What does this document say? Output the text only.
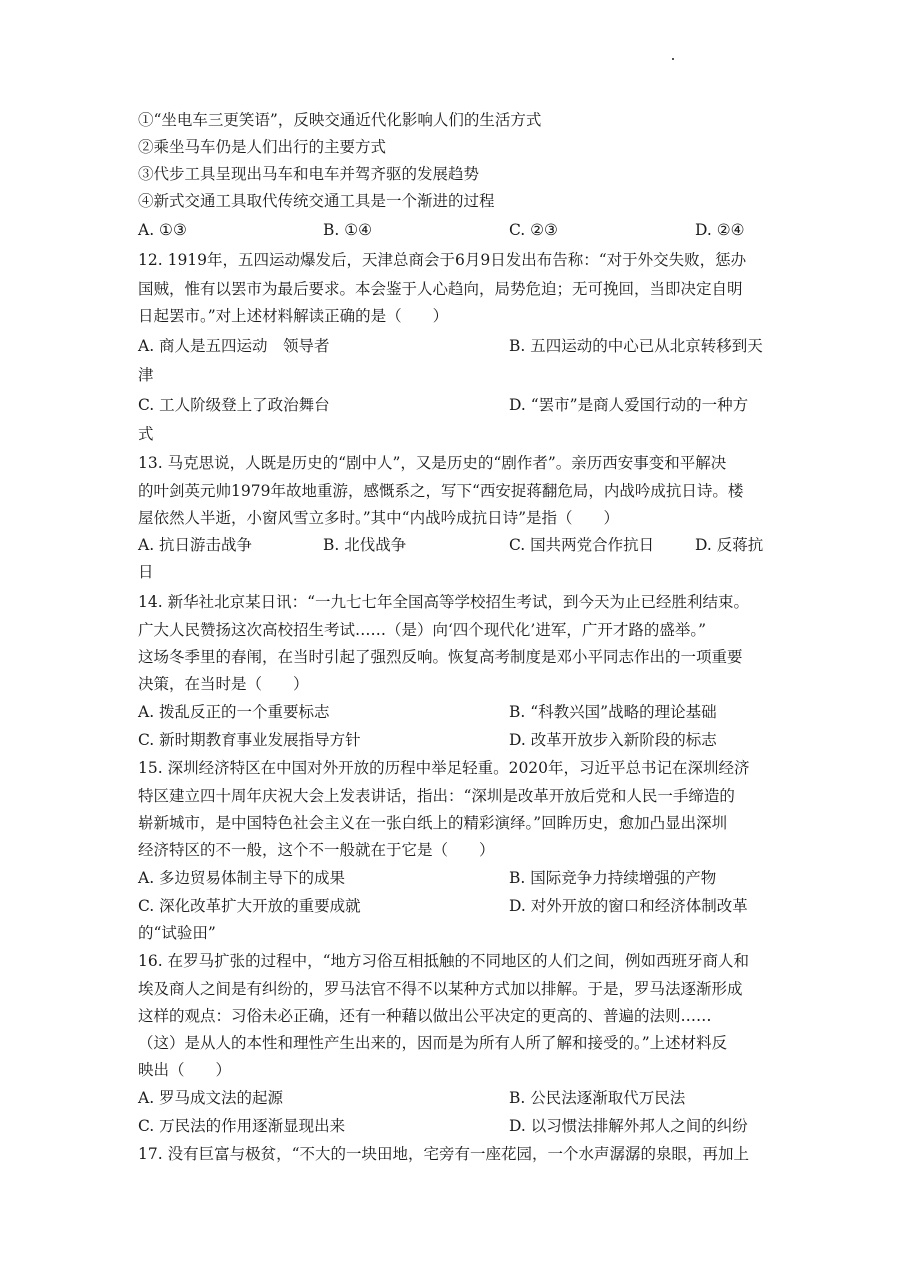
①“坐电车三更笑语”，反映交通近代化影响人们的生活方式
②乘坐马车仍是人们出行的主要方式
③代步工具呈现出马车和电车并驾齐驱的发展趋势
④新式交通工具取代传统交通工具是一个渐进的过程
A. ①③	B. ①④	C. ②③	D. ②④
12. 1919年，五四运动爆发后，天津总商会于6月9日发出布告称：“对于外交失败，惩办
国贼，惟有以罢市为最后要求。本会鉴于人心趋向，局势危迫；无可挽回，当即决定自明
日起罢市。”对上述材料解读正确的是（　　）
A. 商人是五四运动　领导者	B. 五四运动的中心已从北京转移到天
津
C. 工人阶级登上了政治舞台	D. “罢市”是商人爱国行动的一种方
式
13. 马克思说，人既是历史的“剧中人”，又是历史的“剧作者”。亲历西安事变和平解决
的叶剑英元帅1979年故地重游，感慨系之，写下“西安捉蒋翻危局，内战吟成抗日诗。楼
屋依然人半逝，小窗风雪立多时。”其中“内战吟成抗日诗”是指（　　）
A. 抗日游击战争	B. 北伐战争	C. 国共两党合作抗日	D. 反蒋抗
日
14. 新华社北京某日讯：“一九七七年全国高等学校招生考试，到今天为止已经胜利结束。
广大人民赞扬这次高校招生考试……（是）向‘四个现代化’进军，广开才路的盛举。”
这场冬季里的春闱，在当时引起了强烈反响。恢复高考制度是邓小平同志作出的一项重要
决策，在当时是（　　）
A. 拨乱反正的一个重要标志	B. “科教兴国”战略的理论基础
C. 新时期教育事业发展指导方针	D. 改革开放步入新阶段的标志
15. 深圳经济特区在中国对外开放的历程中举足轻重。2020年，习近平总书记在深圳经济
特区建立四十周年庆祝大会上发表讲话，指出：“深圳是改革开放后党和人民一手缔造的
崭新城市，是中国特色社会主义在一张白纸上的精彩演绎。”回眸历史，愈加凸显出深圳
经济特区的不一般，这个不一般就在于它是（　　）
A. 多边贸易体制主导下的成果	B. 国际竞争力持续增强的产物
C. 深化改革扩大开放的重要成就	D. 对外开放的窗口和经济体制改革
的“试验田”
16. 在罗马扩张的过程中，“地方习俗互相抵触的不同地区的人们之间，例如西班牙商人和
埃及商人之间是有纠纷的，罗马法官不得不以某种方式加以排解。于是，罗马法逐渐形成
这样的观点：习俗未必正确，还有一种藉以做出公平决定的更高的、普遍的法则……
（这）是从人的本性和理性产生出来的，因而是为所有人所了解和接受的。”上述材料反
映出（　　）
A. 罗马成文法的起源	B. 公民法逐渐取代万民法
C. 万民法的作用逐渐显现出来	D. 以习惯法排解外邦人之间的纠纷
17. 没有巨富与极贫，“不大的一块田地，宅旁有一座花园，一个水声潺潺的泉眼，再加上
